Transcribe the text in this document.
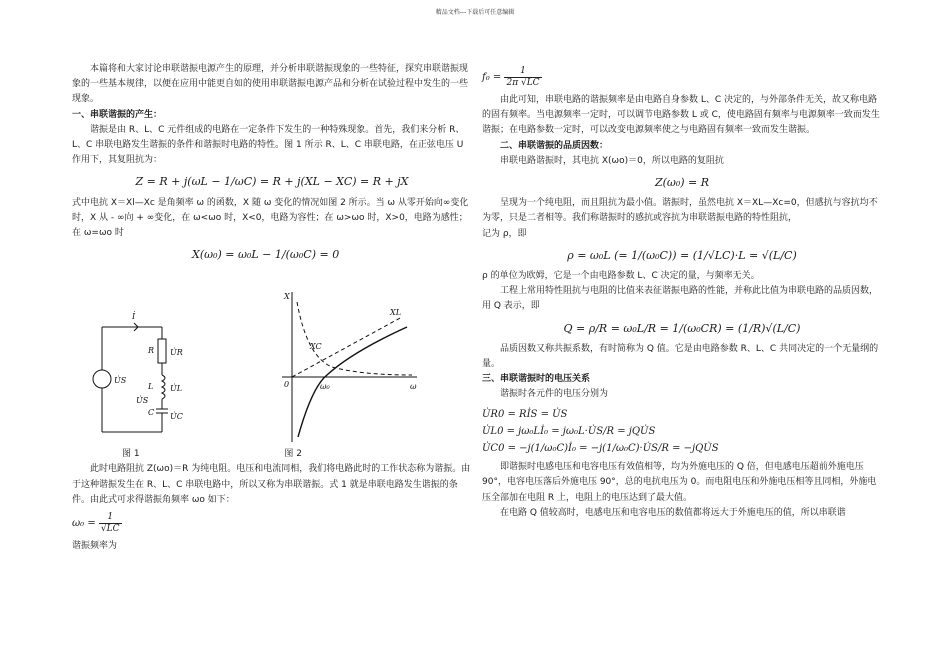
精品文档---下载后可任意编辑

本篇将和大家讨论串联谐振电源产生的原理，并分析串联谐振现象的一些特征，探究串联谐振现象的一些基本规律，以便在应用中能更自如的使用串联谐振电源产品和分析在试验过程中发生的一些现象。

一、串联谐振的产生：

谐振是由 R、L、C 元件组成的电路在一定条件下发生的一种特殊现象。首先，我们来分析 R、L、C 串联电路发生谐振的条件和谐振时电路的特性。图 1 所示 R、L、C 串联电路，在正弦电压 U 作用下，其复阻抗为：

Z = R + j(ωL − 1/ωC) = R + j(XL − XC) = R + jX

式中电抗 X＝Xl—Xc 是角频率 ω 的函数，X 随 ω 变化的情况如图 2 所示。当 ω 从零开始向∞变化时，X 从 - ∞向 + ∞变化，在 ω<ωo 时，X<0，电路为容性；在 ω>ωo 时，X>0，电路为感性；在 ω=ωo 时

X(ω₀) = ω₀L − 1/(ω₀C) = 0
İ
R U̇R
U̇S
L U̇L
C U̇C
U̇S
X
XL
XC
ω₀	ω
0
图 1	图 2

此时电路阻抗 Z(ωo)＝R 为纯电阻。电压和电流同相，我们将电路此时的工作状态称为谐振。由于这种谐振发生在 R、L、C 串联电路中，所以又称为串联谐振。式 1 就是串联电路发生谐振的条件。由此式可求得谐振角频率 ωo 如下：

$\omega_0 = \frac{1}{√LC}$

谐振频率为

$f_0 = \frac{1}{2\pi √LC}$

由此可知，串联电路的谐振频率是由电路自身参数 L、C 决定的，与外部条件无关，故又称电路的固有频率。当电源频率一定时，可以调节电路参数 L 或 C，使电路固有频率与电源频率一致而发生谐振；在电路参数一定时，可以改变电源频率使之与电路固有频率一致而发生谐振。

二、串联谐振的品质因数：

串联电路谐振时，其电抗 X(ωo)＝0，所以电路的复阻抗

Z(ω₀) = R

呈现为一个纯电阻，而且阻抗为最小值。谐振时，虽然电抗 X＝XL—Xc=0，但感抗与容抗均不为零，只是二者相等。我们称谐振时的感抗或容抗为串联谐振电路的特性阻抗，

记为 ρ，即

ρ = ω₀L (= 1/(ω₀C)) = (1/√LC)·L = √(L/C)

ρ 的单位为欧姆，它是一个由电路参数 L、C 决定的量，与频率无关。

工程上常用特性阻抗与电阻的比值来表征谐振电路的性能，并称此比值为串联电路的品质因数，用 Q 表示，即

Q = ρ/R = ω₀L/R = 1/(ω₀CR) = (1/R)√(L/C)

品质因数又称共振系数，有时简称为 Q 值。它是由电路参数 R、L、C 共同决定的一个无量纲的量。

三、串联谐振时的电压关系

谐振时各元件的电压分别为

U̇R0 = RİS = U̇S
U̇L0 = jω₀Lİ₀ = jω₀L·U̇S/R = jQU̇S
U̇C0 = −j(1/ω₀C)İ₀ = −j(1/ω₀C)·U̇S/R = −jQU̇S

即谐振时电感电压和电容电压有效值相等，均为外施电压的 Q 倍，但电感电压超前外施电压 90°，电容电压落后外施电压 90°，总的电抗电压为 0。而电阻电压和外施电压相等且同相，外施电压全部加在电阻 R 上，电阻上的电压达到了最大值。

在电路 Q 值较高时，电感电压和电容电压的数值都将远大于外施电压的值，所以串联谐
